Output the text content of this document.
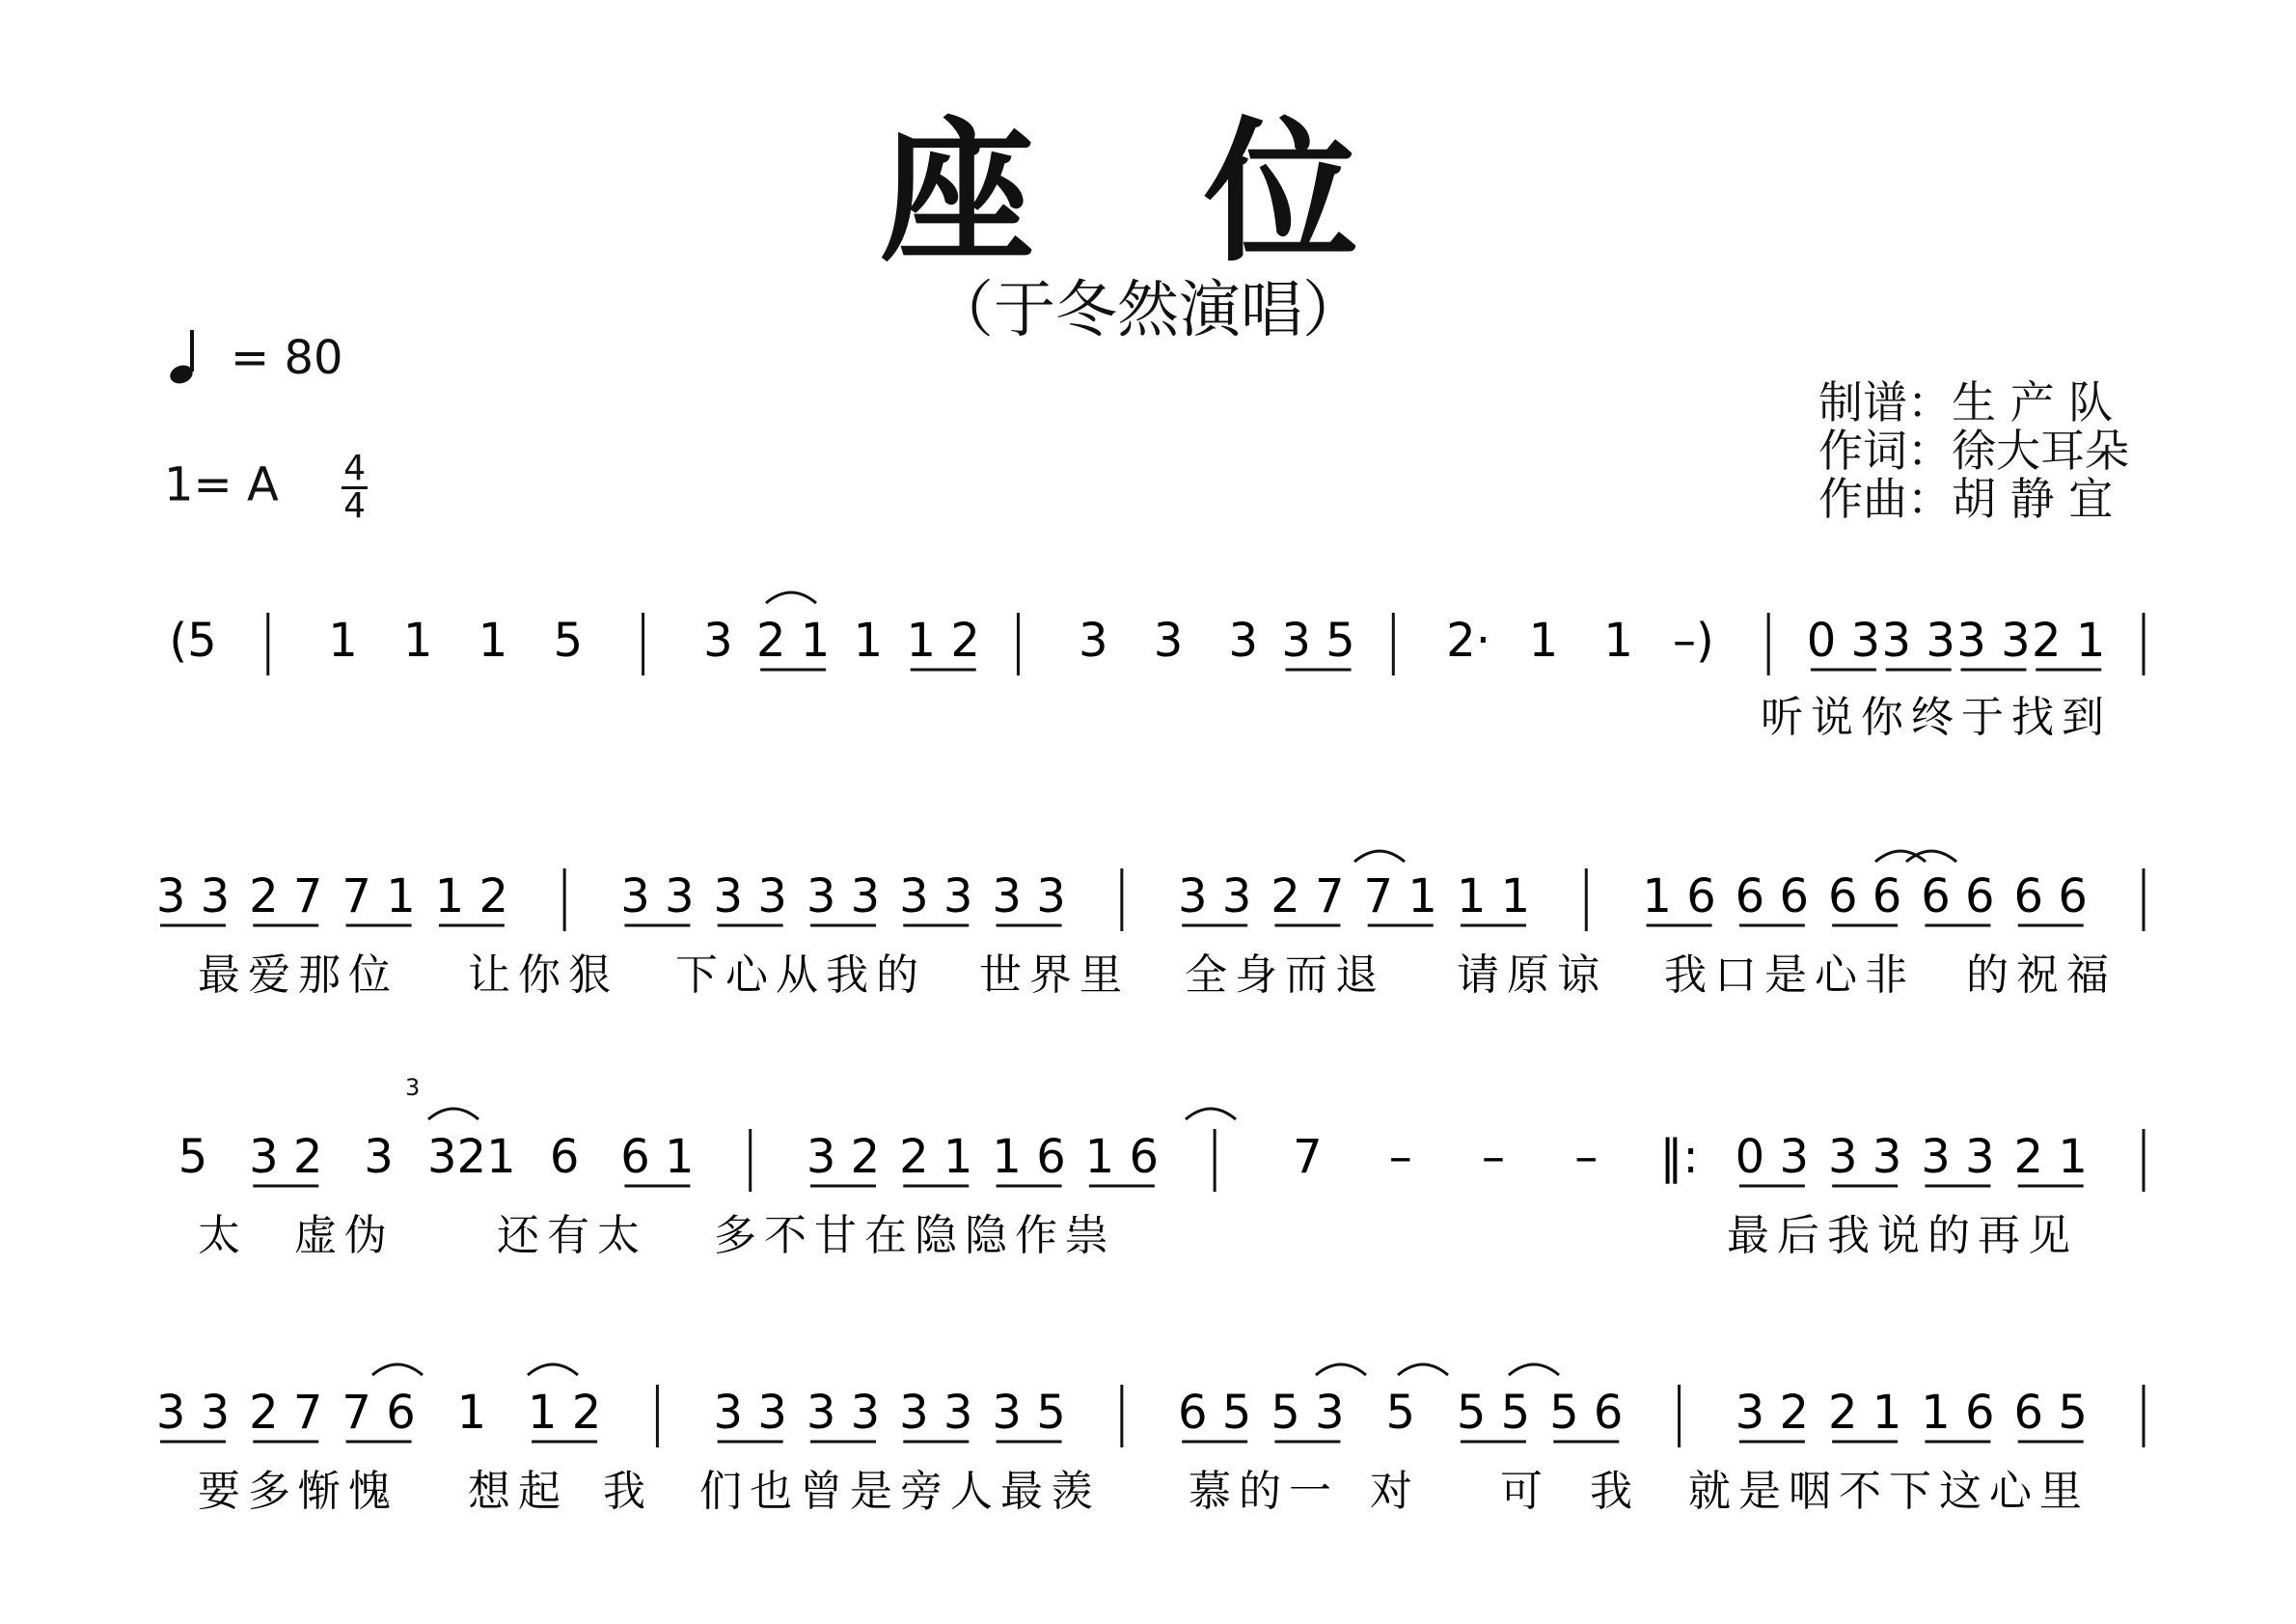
座 位
（于冬然演唱）
= 80
1= A $\frac{4}{4}$
制谱：生 产 队
作词：徐大耳朵
作曲：胡 静 宜
(5 1 1 1 5	3 2 1 1 1 2 3 3 3 3 5 2· 1 1 –) 0 3 3 3 3 3 2 1
听说你终于找到
3 3 2 7 7 1 1 2 3 3 3 3 3 3 3 3 3 3 3 3 2 7 7 1 1 1 1 6 6 6 6 6 6 6 6 6
最爱那位 让你狠 下心从我的 世界里 全身而退 请原谅 我口是心非 的祝福
5 3 2 3 321 6 6 1 3 2 2 1 1 6 1 6	7 – – – ‖: 0 3 3 3 3 3 2 1
太 虚伪 还有太 多不甘在隐隐作祟	最后我说的再见
3 3 2 7 7 6 1 1 2 3 3 3 3 3 3 3 5 6 5 5 3 5 5 5 5 6 3 2 2 1 1 6 6 5
要多惭愧 想起 我 们也曾是旁人最羡 慕的一 对 可 我 就是咽不下这心里
3
